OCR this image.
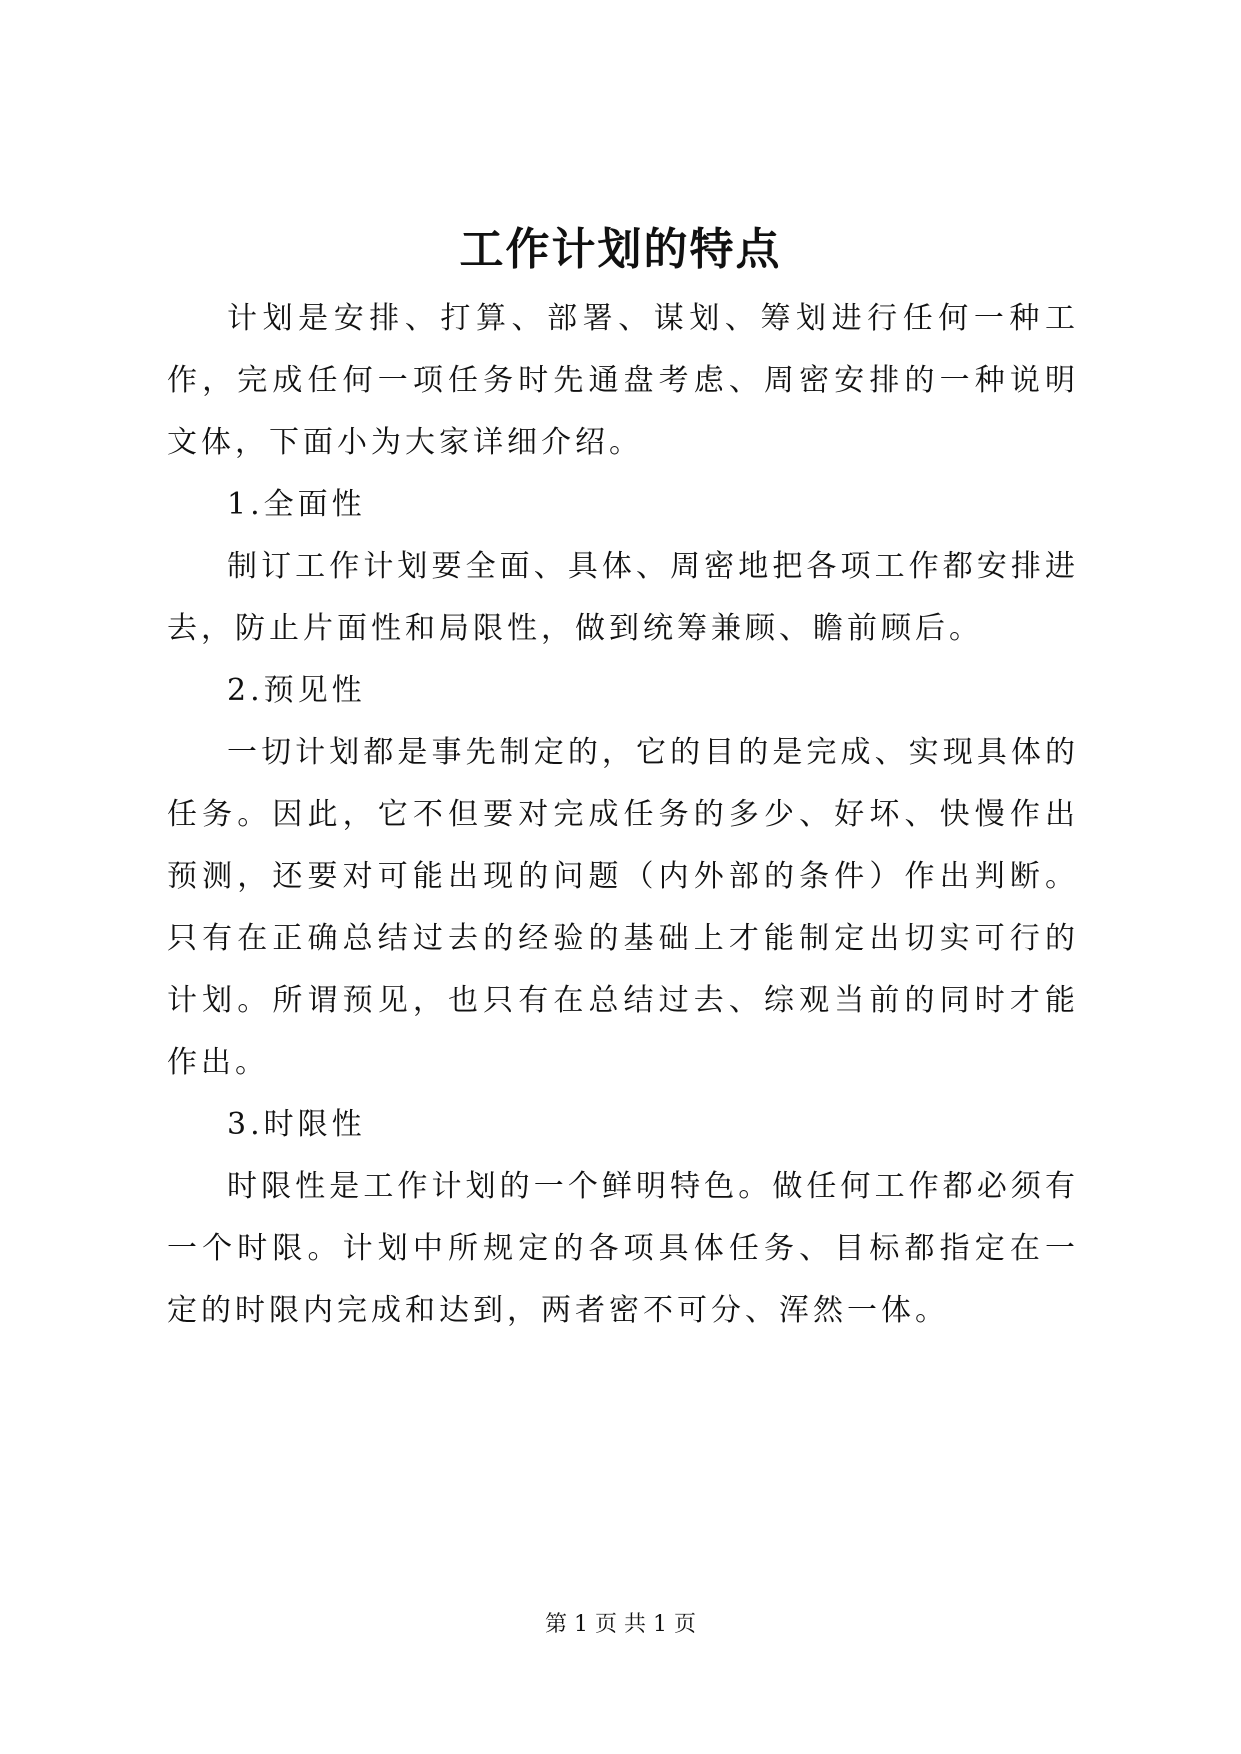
工作计划的特点

计划是安排、打算、部署、谋划、筹划进行任何一种工作，完成任何一项任务时先通盘考虑、周密安排的一种说明文体，下面小为大家详细介绍。

1.全面性

制订工作计划要全面、具体、周密地把各项工作都安排进去，防止片面性和局限性，做到统筹兼顾、瞻前顾后。

2.预见性

一切计划都是事先制定的，它的目的是完成、实现具体的任务。因此，它不但要对完成任务的多少、好坏、快慢作出预测，还要对可能出现的问题（内外部的条件）作出判断。只有在正确总结过去的经验的基础上才能制定出切实可行的计划。所谓预见，也只有在总结过去、综观当前的同时才能作出。

3.时限性

时限性是工作计划的一个鲜明特色。做任何工作都必须有一个时限。计划中所规定的各项具体任务、目标都指定在一定的时限内完成和达到，两者密不可分、浑然一体。

第 1 页 共 1 页
